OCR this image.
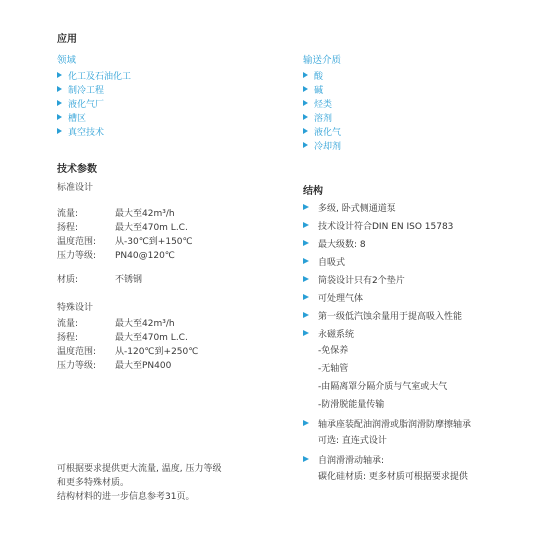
应用
领域
化工及石油化工
制冷工程
液化气厂
槽区
真空技术
输送介质
酸
碱
烃类
溶剂
液化气
冷却剂
技术参数
标准设计
流量:	最大至42m³/h
扬程:	最大至470m L.C.
温度范围:	从-30℃到+150℃
压力等级:	PN40@120℃
材质:	不锈钢
特殊设计
流量:	最大至42m³/h
扬程:	最大至470m L.C.
温度范围:	从-120℃到+250℃
压力等级:	最大至PN400
可根据要求提供更大流量, 温度, 压力等级
和更多特殊材质。
结构材料的进一步信息参考31页。
结构
多级, 卧式侧通道泵
技术设计符合DIN EN ISO 15783
最大级数: 8
自吸式
筒袋设计只有2个垫片
可处理气体
第一级低汽蚀余量用于提高吸入性能
永磁系统
-免保养
-无轴管
-由隔离罩分隔介质与气室或大气
-防滑脱能量传输
轴承座装配油润滑或脂润滑防摩擦轴承
可选: 直连式设计
自润滑滑动轴承:
碳化硅材质: 更多材质可根据要求提供
